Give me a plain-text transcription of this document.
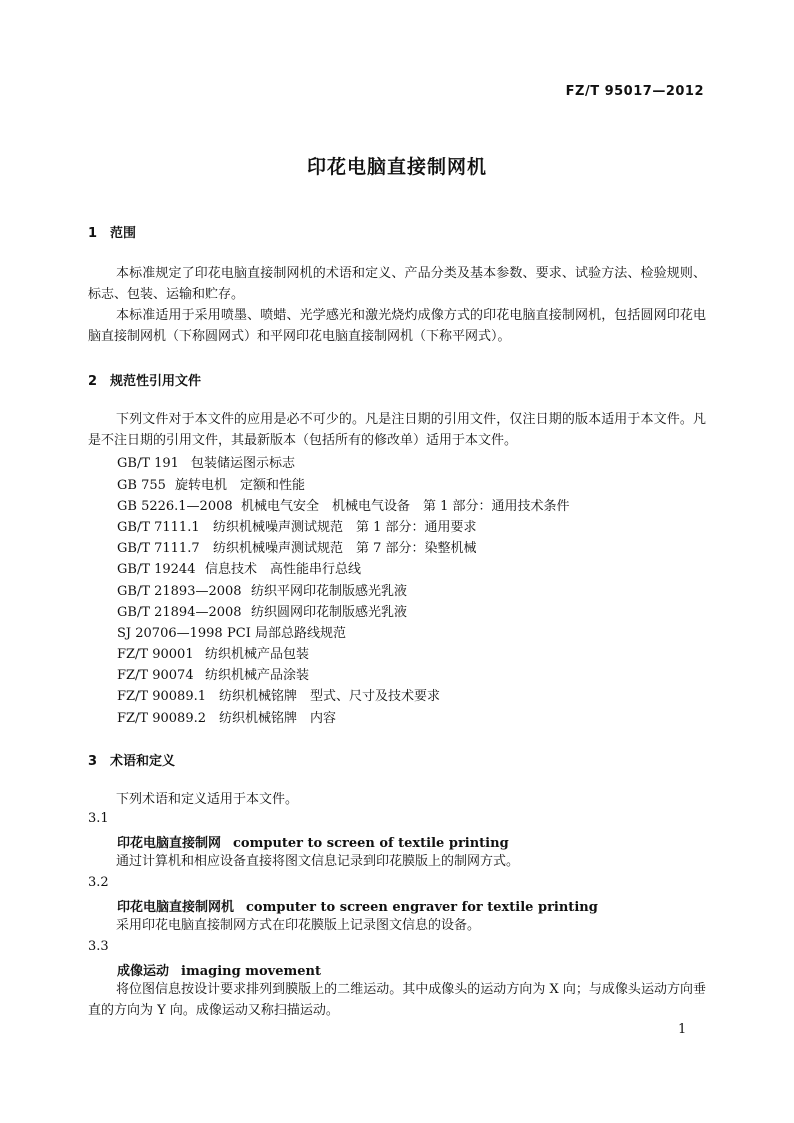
FZ/T 95017—2012
印花电脑直接制网机
1 范围
本标准规定了印花电脑直接制网机的术语和定义、产品分类及基本参数、要求、试验方法、检验规则、标志、包装、运输和贮存。
本标准适用于采用喷墨、喷蜡、光学感光和激光烧灼成像方式的印花电脑直接制网机，包括圆网印花电脑直接制网机（下称圆网式）和平网印花电脑直接制网机（下称平网式）。
2 规范性引用文件
下列文件对于本文件的应用是必不可少的。凡是注日期的引用文件，仅注日期的版本适用于本文件。凡是不注日期的引用文件，其最新版本（包括所有的修改单）适用于本文件。
GB/T 191 包装储运图示标志
GB 755 旋转电机　定额和性能
GB 5226.1—2008 机械电气安全　机械电气设备　第 1 部分：通用技术条件
GB/T 7111.1 纺织机械噪声测试规范　第 1 部分：通用要求
GB/T 7111.7 纺织机械噪声测试规范　第 7 部分：染整机械
GB/T 19244 信息技术　高性能串行总线
GB/T 21893—2008 纺织平网印花制版感光乳液
GB/T 21894—2008 纺织圆网印花制版感光乳液
SJ 20706—1998 PCI 局部总路线规范
FZ/T 90001 纺织机械产品包装
FZ/T 90074 纺织机械产品涂装
FZ/T 90089.1 纺织机械铭牌　型式、尺寸及技术要求
FZ/T 90089.2 纺织机械铭牌　内容
3 术语和定义
下列术语和定义适用于本文件。
3.1
印花电脑直接制网 computer to screen of textile printing
通过计算机和相应设备直接将图文信息记录到印花膜版上的制网方式。
3.2
印花电脑直接制网机 computer to screen engraver for textile printing
采用印花电脑直接制网方式在印花膜版上记录图文信息的设备。
3.3
成像运动 imaging movement
将位图信息按设计要求排列到膜版上的二维运动。其中成像头的运动方向为 X 向；与成像头运动方向垂直的方向为 Y 向。成像运动又称扫描运动。
1
